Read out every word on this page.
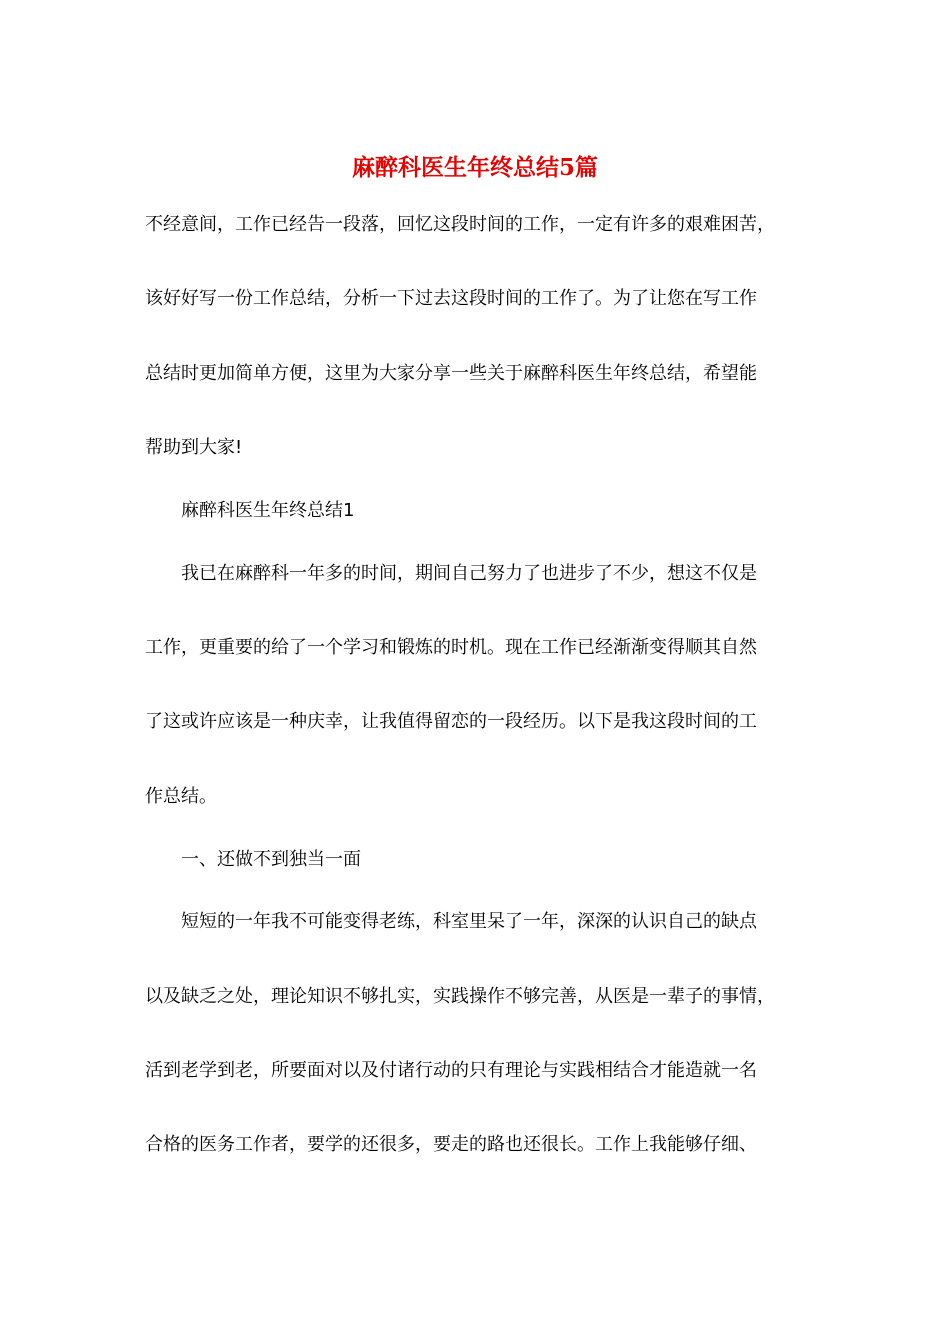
麻醉科医生年终总结5篇

不经意间，工作已经告一段落，回忆这段时间的工作，一定有许多的艰难困苦，

该好好写一份工作总结，分析一下过去这段时间的工作了。为了让您在写工作

总结时更加简单方便，这里为大家分享一些关于麻醉科医生年终总结，希望能

帮助到大家!

麻醉科医生年终总结1

我已在麻醉科一年多的时间，期间自己努力了也进步了不少，想这不仅是

工作，更重要的给了一个学习和锻炼的时机。现在工作已经渐渐变得顺其自然

了这或许应该是一种庆幸，让我值得留恋的一段经历。以下是我这段时间的工

作总结。

一、还做不到独当一面

短短的一年我不可能变得老练，科室里呆了一年，深深的认识自己的缺点

以及缺乏之处，理论知识不够扎实，实践操作不够完善，从医是一辈子的事情，

活到老学到老，所要面对以及付诸行动的只有理论与实践相结合才能造就一名

合格的医务工作者，要学的还很多，要走的路也还很长。工作上我能够仔细、
